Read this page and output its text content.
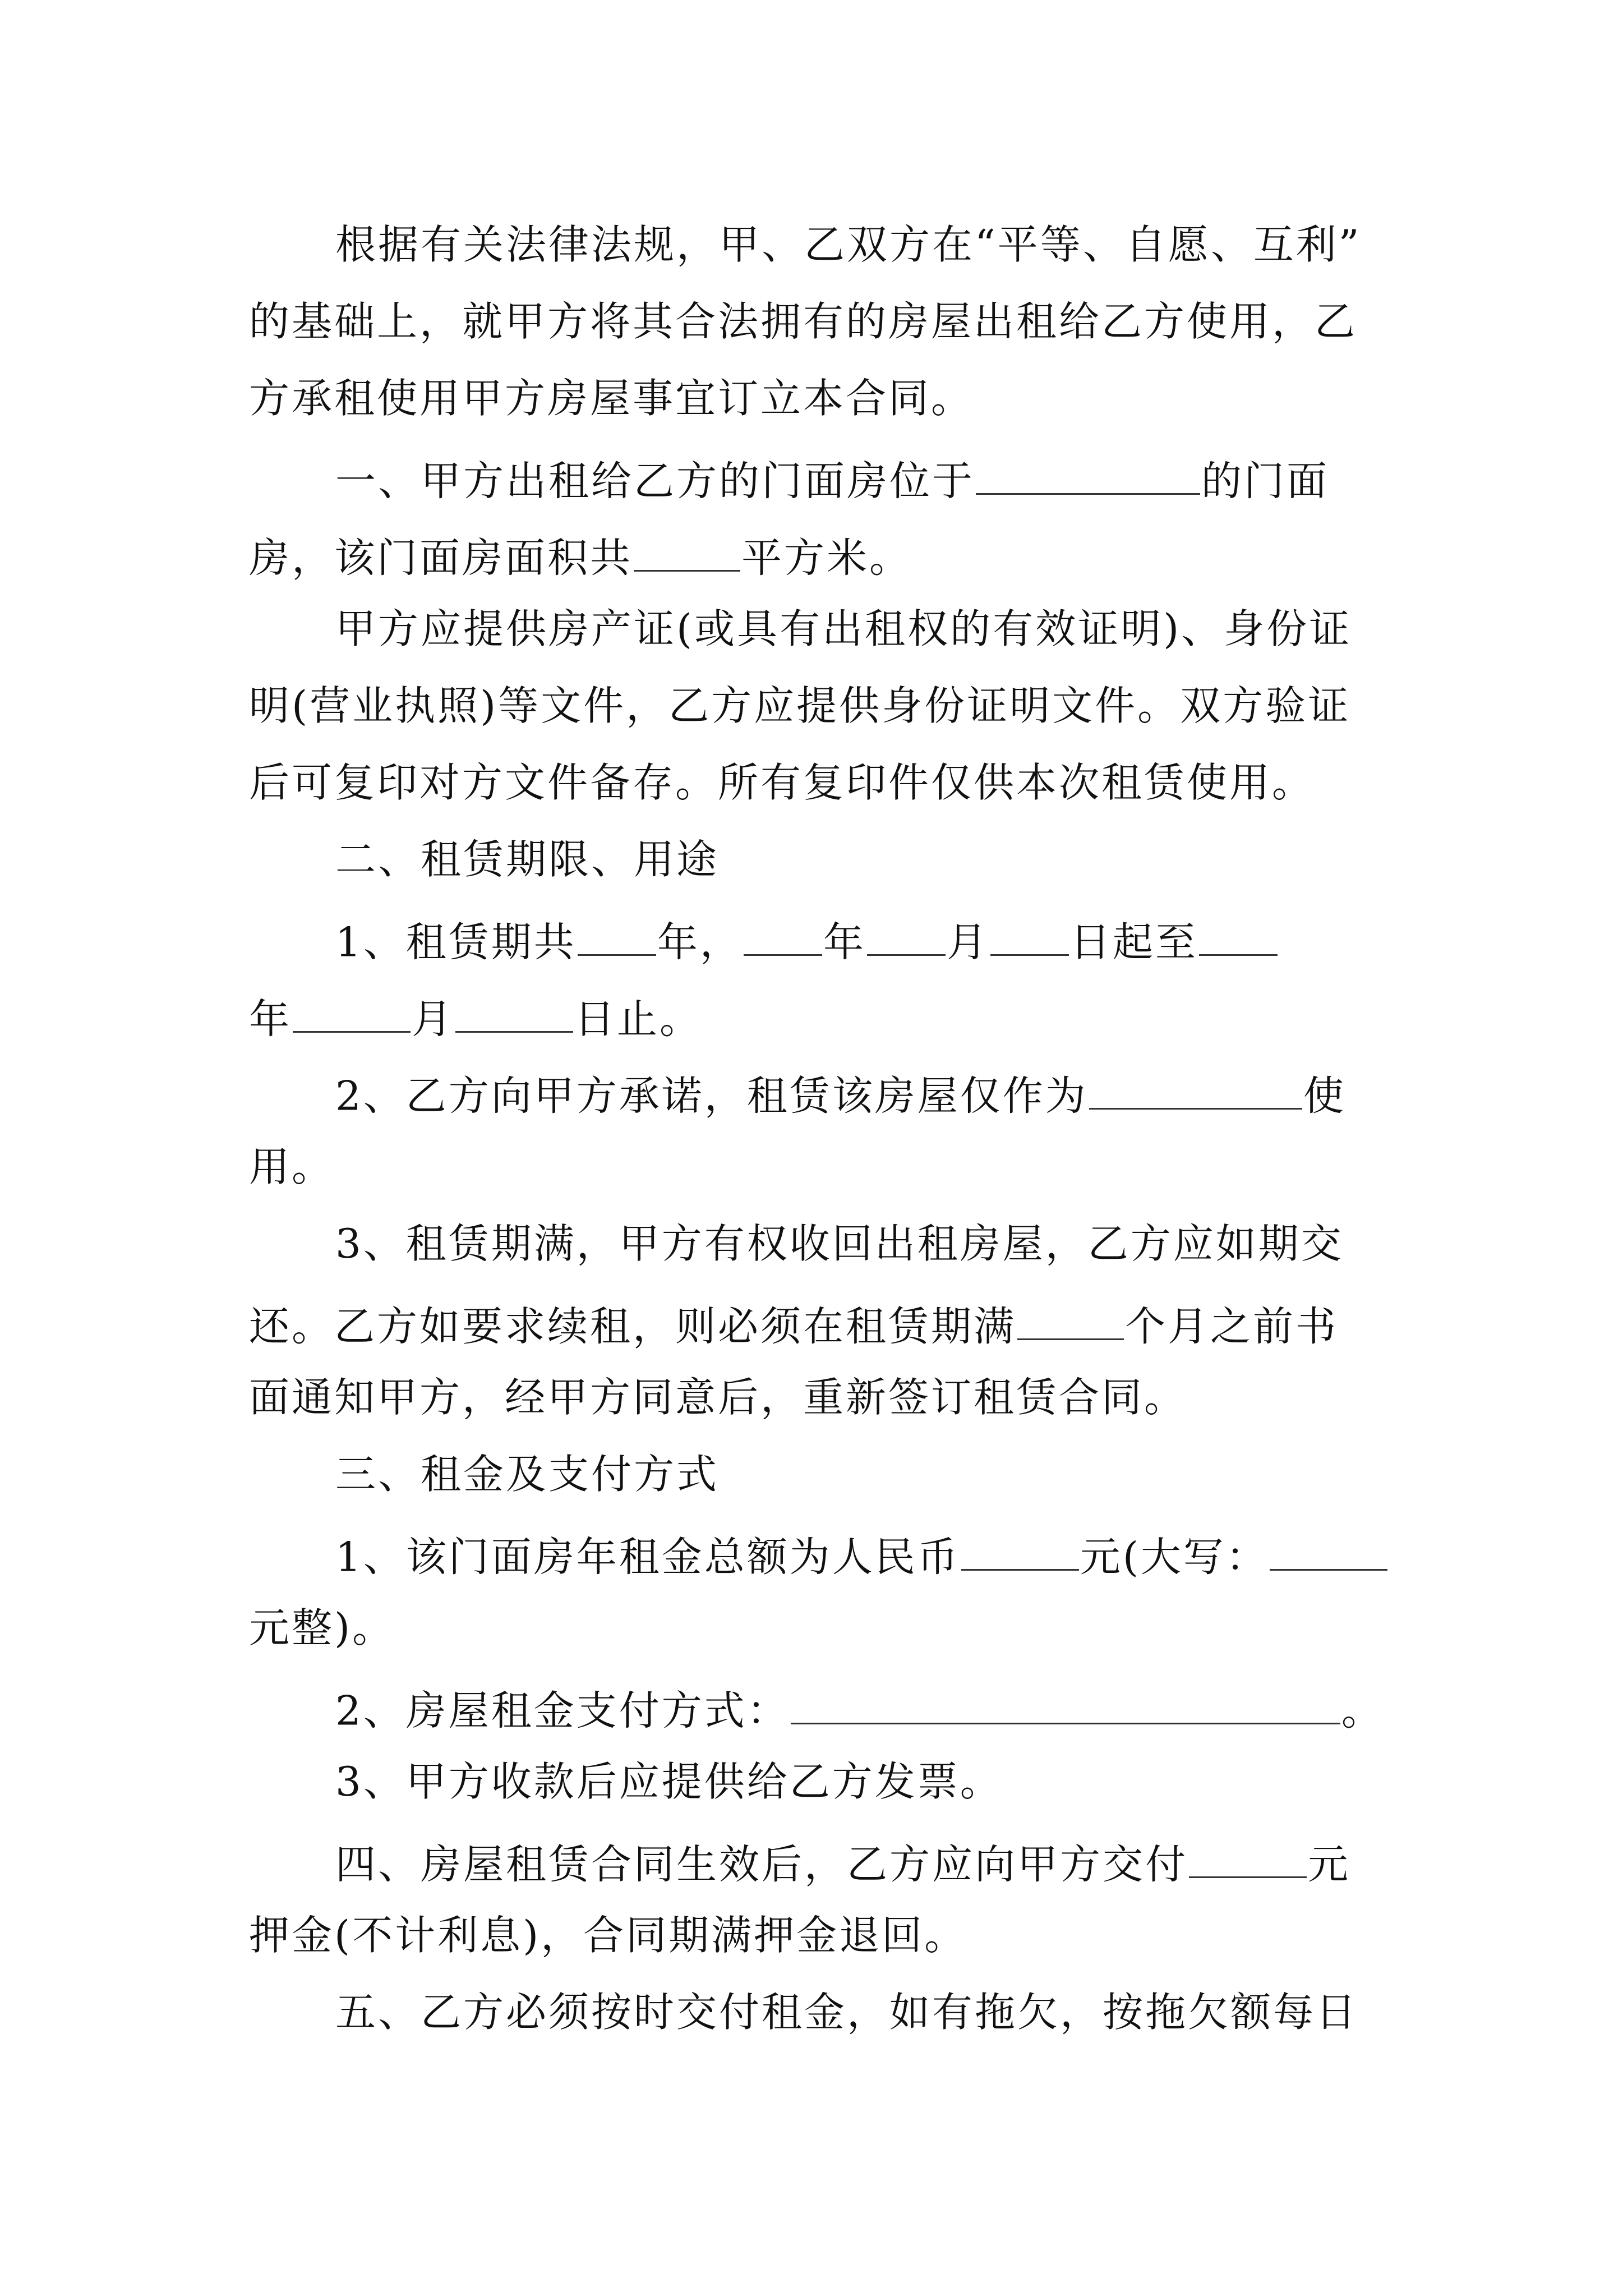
根据有关法律法规，甲、乙双方在“平等、自愿、互利”
的基础上，就甲方将其合法拥有的房屋出租给乙方使用，乙
方承租使用甲方房屋事宜订立本合同。
一、甲方出租给乙方的门面房位于	的门面
房，该门面房面积共	平方米。
甲方应提供房产证(或具有出租权的有效证明)、身份证
明(营业执照)等文件，乙方应提供身份证明文件。双方验证
后可复印对方文件备存。所有复印件仅供本次租赁使用。
二、租赁期限、用途
1、租赁期共 年， 年 月 日起至
年	月	日止。
2、乙方向甲方承诺，租赁该房屋仅作为	使
用。
3、租赁期满，甲方有权收回出租房屋，乙方应如期交
还。乙方如要求续租，则必须在租赁期满	个月之前书
面通知甲方，经甲方同意后，重新签订租赁合同。
三、租金及支付方式
1、该门面房年租金总额为人民币	元(大写：
元整)。
2、房屋租金支付方式：	。
3、甲方收款后应提供给乙方发票。
四、房屋租赁合同生效后，乙方应向甲方交付	元
押金(不计利息)，合同期满押金退回。
五、乙方必须按时交付租金，如有拖欠，按拖欠额每日
